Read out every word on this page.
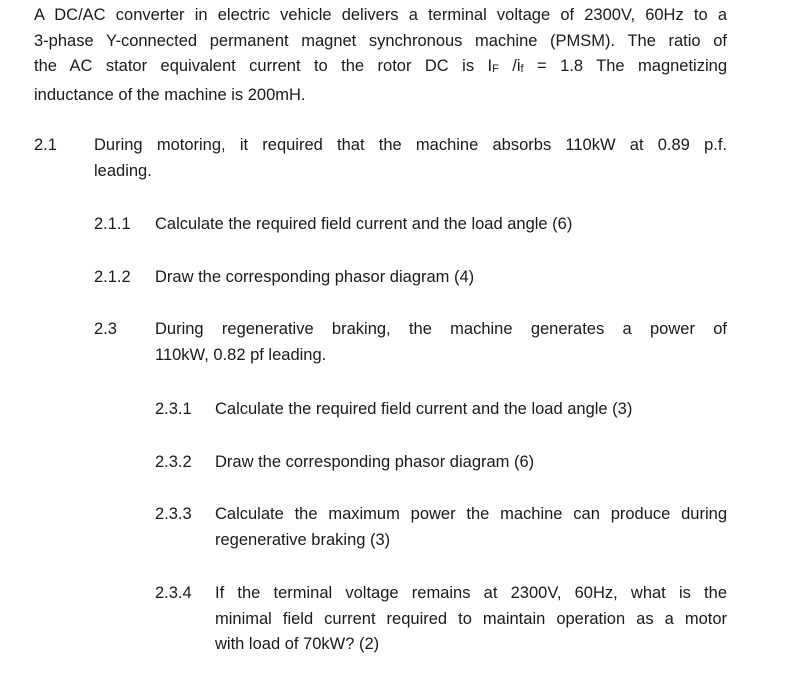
A DC/AC converter in electric vehicle delivers a terminal voltage of 2300V, 60Hz to a
3-phase Y-connected permanent magnet synchronous machine (PMSM). The ratio of
the AC stator equivalent current to the rotor DC is IF /if = 1.8 The magnetizing
inductance of the machine is 200mH.
2.1 During motoring, it required that the machine absorbs 110kW at 0.89 p.f.
leading.
2.1.1 Calculate the required field current and the load angle (6)
2.1.2 Draw the corresponding phasor diagram (4)
2.3 During regenerative braking, the machine generates a power of
110kW, 0.82 pf leading.
2.3.1 Calculate the required field current and the load angle (3)
2.3.2 Draw the corresponding phasor diagram (6)
2.3.3 Calculate the maximum power the machine can produce during
regenerative braking (3)
2.3.4 If the terminal voltage remains at 2300V, 60Hz, what is the
minimal field current required to maintain operation as a motor
with load of 70kW? (2)
